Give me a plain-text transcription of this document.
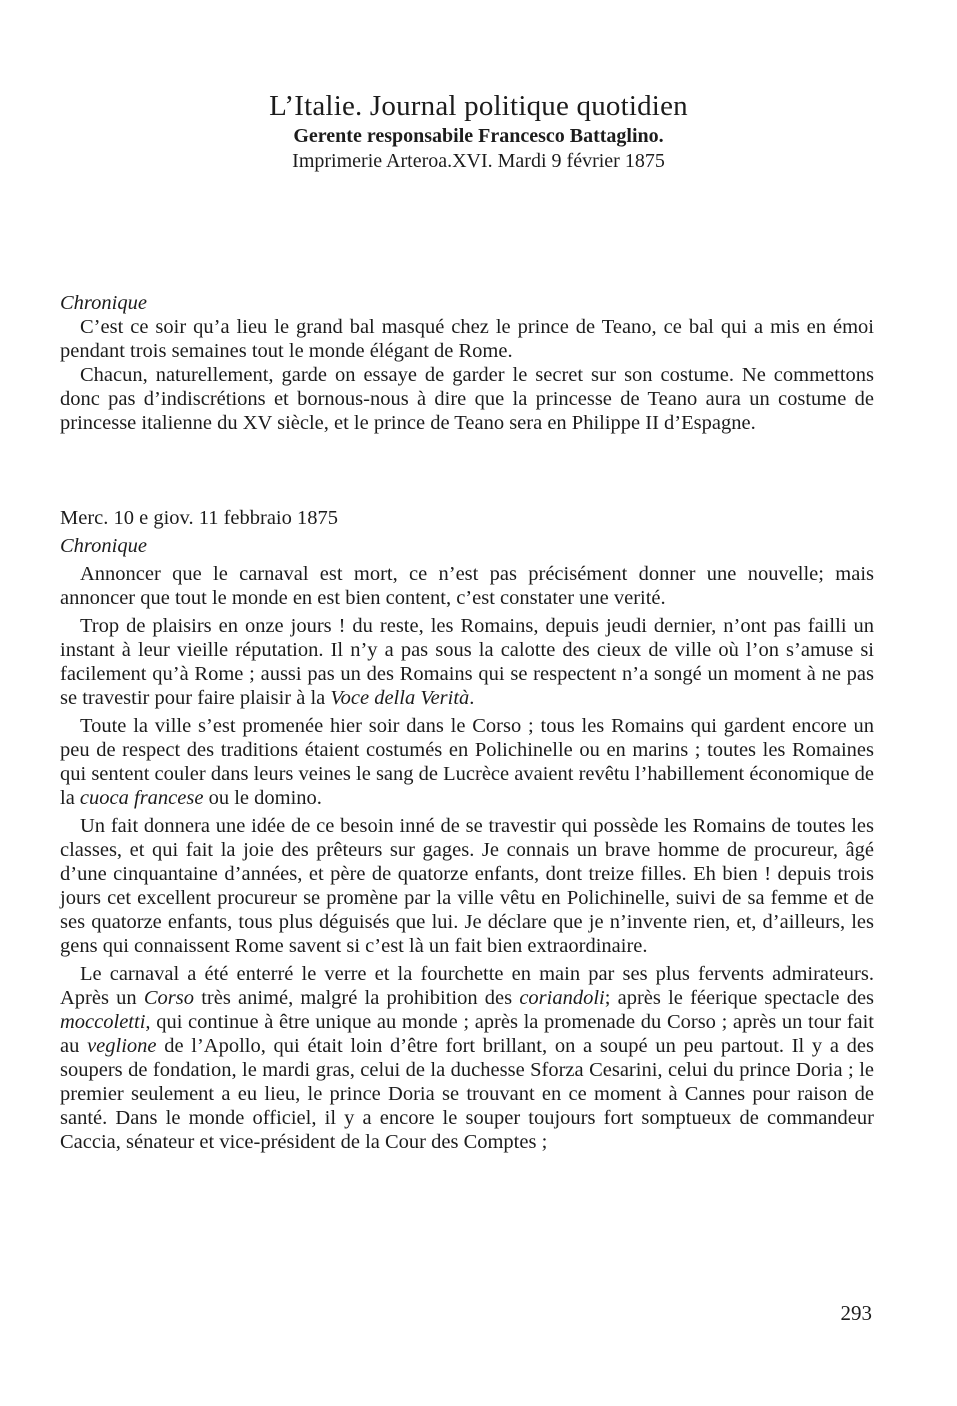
L’Italie. Journal politique quotidien

Gerente responsabile Francesco Battaglino.

Imprimerie Arteroa.XVI. Mardi 9 février 1875

Chronique

C’est ce soir qu’a lieu le grand bal masqué chez le prince de Teano, ce bal qui a mis en émoi pendant trois semaines tout le monde élégant de Rome.

Chacun, naturellement, garde on essaye de garder le secret sur son costume. Ne commettons donc pas d’indiscrétions et bornous-nous à dire que la princesse de Teano aura un costume de princesse italienne du XV siècle, et le prince de Teano sera en Philippe II d’Espagne.

Merc. 10 e giov. 11 febbraio 1875

Chronique

Annoncer que le carnaval est mort, ce n’est pas précisément donner une nouvelle; mais annoncer que tout le monde en est bien content, c’est constater une verité.

Trop de plaisirs en onze jours ! du reste, les Romains, depuis jeudi dernier, n’ont pas failli un instant à leur vieille réputation. Il n’y a pas sous la calotte des cieux de ville où l’on s’amuse si facilement qu’à Rome ; aussi pas un des Romains qui se respectent n’a songé un moment à ne pas se travestir pour faire plaisir à la Voce della Verità.

Toute la ville s’est promenée hier soir dans le Corso ; tous les Romains qui gardent encore un peu de respect des traditions étaient costumés en Polichinelle ou en marins ; toutes les Romaines qui sentent couler dans leurs veines le sang de Lucrèce avaient revêtu l’habillement économique de la cuoca francese ou le domino.

Un fait donnera une idée de ce besoin inné de se travestir qui possède les Romains de toutes les classes, et qui fait la joie des prêteurs sur gages. Je connais un brave homme de procureur, âgé d’une cinquantaine d’années, et père de quatorze enfants, dont treize filles. Eh bien ! depuis trois jours cet excellent procureur se promène par la ville vêtu en Polichinelle, suivi de sa femme et de ses quatorze enfants, tous plus déguisés que lui. Je déclare que je n’invente rien, et, d’ailleurs, les gens qui connaissent Rome savent si c’est là un fait bien extraordinaire.

Le carnaval a été enterré le verre et la fourchette en main par ses plus fervents admirateurs. Après un Corso très animé, malgré la prohibition des coriandoli; après le féerique spectacle des moccoletti, qui continue à être unique au monde ; après la promenade du Corso ; après un tour fait au veglione de l’Apollo, qui était loin d’être fort brillant, on a soupé un peu partout. Il y a des soupers de fondation, le mardi gras, celui de la duchesse Sforza Cesarini, celui du prince Doria ; le premier seulement a eu lieu, le prince Doria se trouvant en ce moment à Cannes pour raison de santé. Dans le monde officiel, il y a encore le souper toujours fort somptueux de commandeur Caccia, sénateur et vice-président de la Cour des Comptes ;

293
